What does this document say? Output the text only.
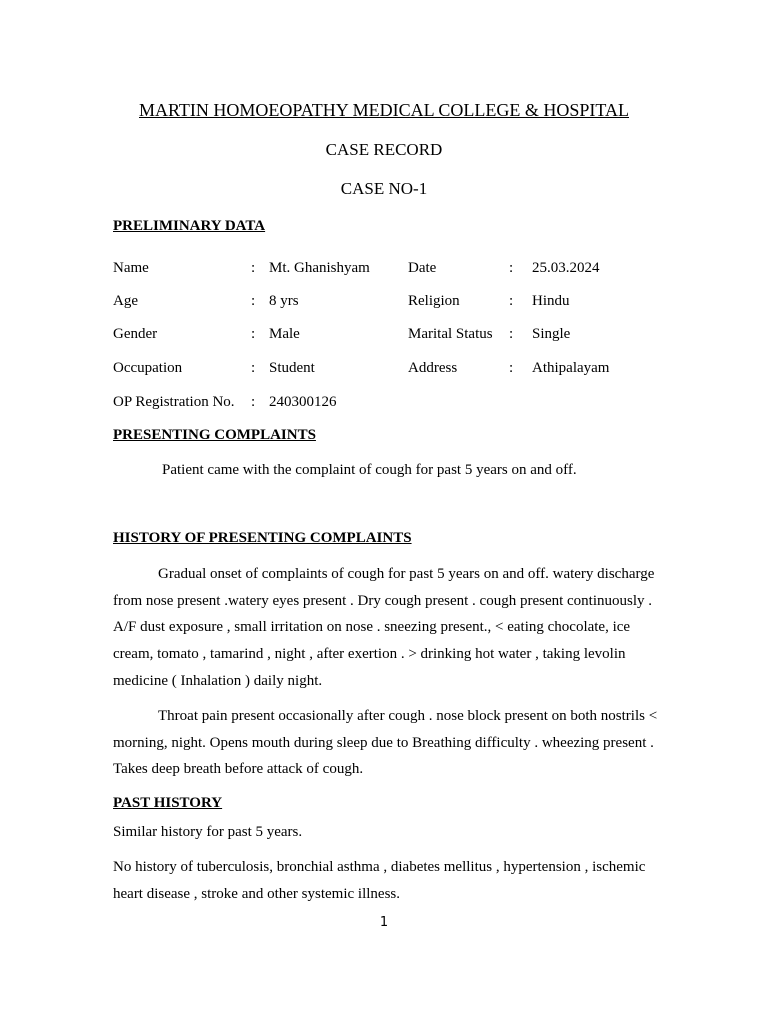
MARTIN HOMOEOPATHY MEDICAL COLLEGE & HOSPITAL
CASE RECORD
CASE NO-1
PRELIMINARY DATA
Name	: Mt. Ghanishyam	Date	: 25.03.2024
Age	: 8 yrs	Religion	: Hindu
Gender	: Male	Marital Status : Single
Occupation	: Student	Address	: Athipalayam
OP Registration No. : 240300126
PRESENTING COMPLAINTS
Patient came with the complaint of cough for past 5 years on and off.
HISTORY OF PRESENTING COMPLAINTS

Gradual onset of complaints of cough for past 5 years on and off. watery discharge from nose present .watery eyes present . Dry cough present . cough present continuously . A/F dust exposure , small irritation on nose . sneezing present., < eating chocolate, ice cream, tomato , tamarind , night , after exertion . > drinking hot water , taking levolin medicine ( Inhalation ) daily night.

Throat pain present occasionally after cough . nose block present on both nostrils < morning, night. Opens mouth during sleep due to Breathing difficulty . wheezing present . Takes deep breath before attack of cough.

PAST HISTORY
Similar history for past 5 years.

No history of tuberculosis, bronchial asthma , diabetes mellitus , hypertension , ischemic heart disease , stroke and other systemic illness.

1
